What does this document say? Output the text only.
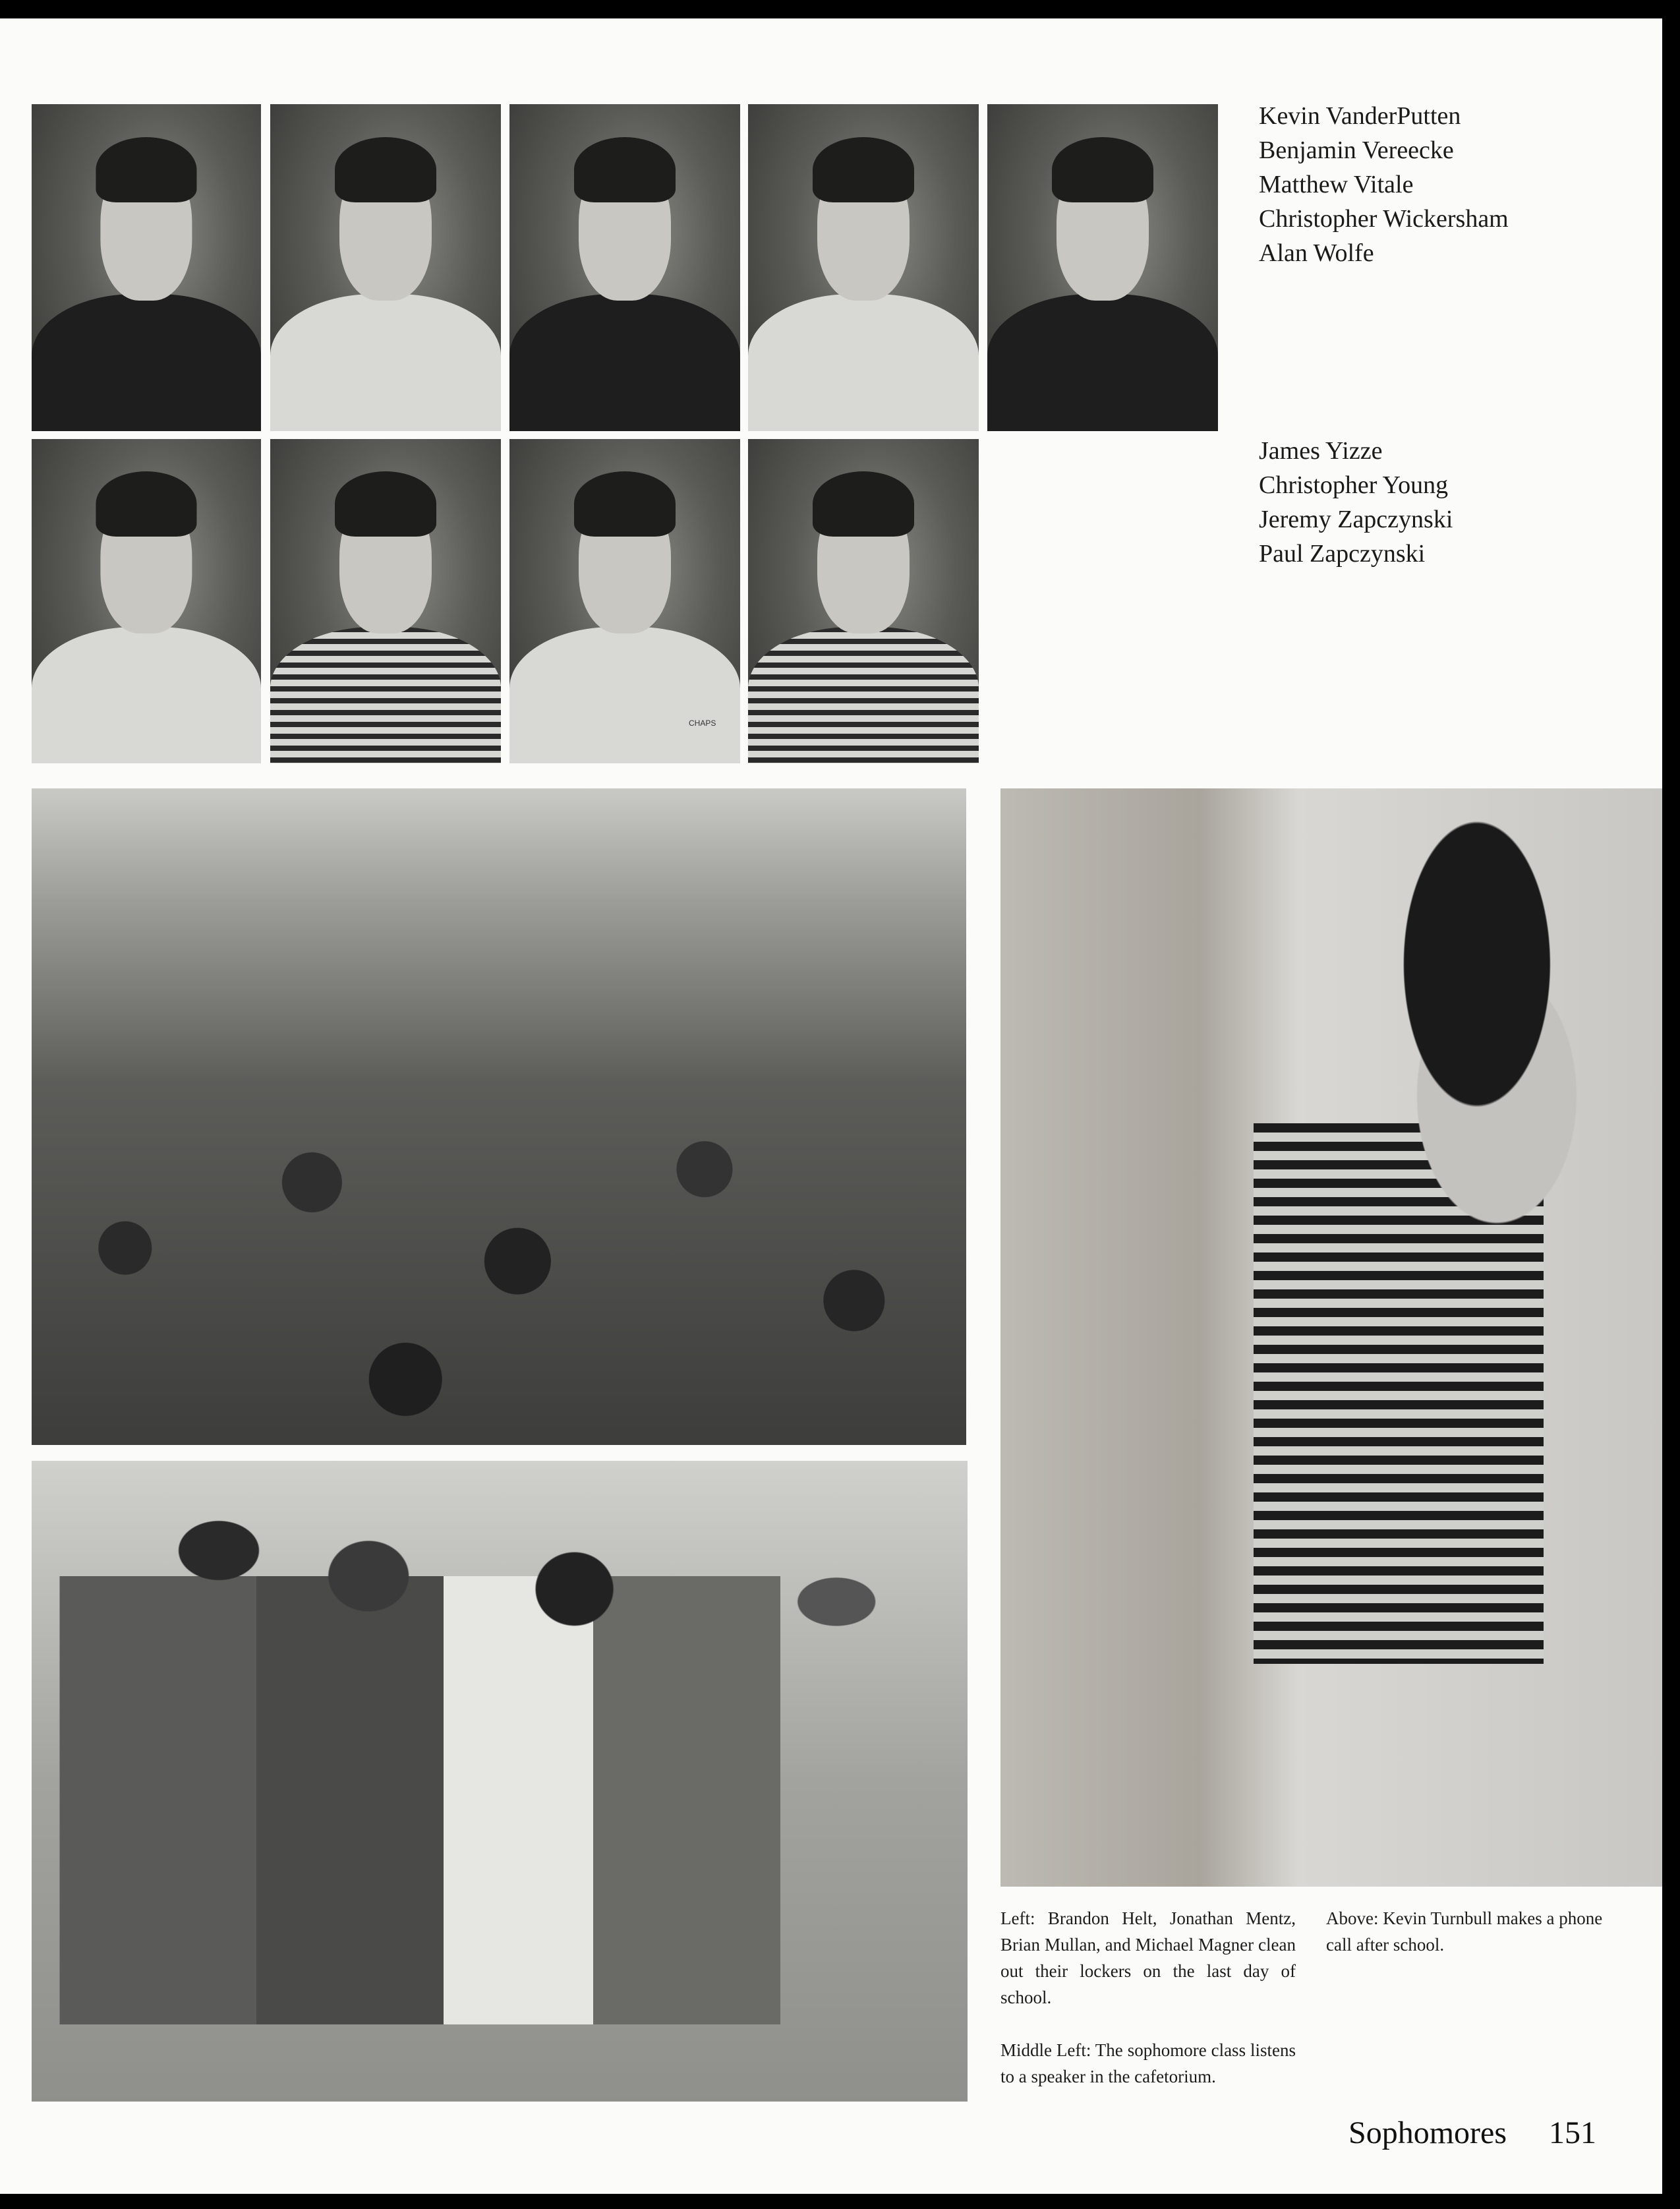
CHAPS
Kevin VanderPutten
Benjamin Vereecke
Matthew Vitale
Christopher Wickersham
Alan Wolfe
James Yizze
Christopher Young
Jeremy Zapczynski
Paul Zapczynski
Left: Brandon Helt, Jonathan Mentz, Brian Mullan, and Michael Magner clean out their lockers on the last day of school.
Middle Left: The sophomore class listens to a speaker in the cafetorium.
Above: Kevin Turnbull makes a phone call after school.
Sophomores 151
